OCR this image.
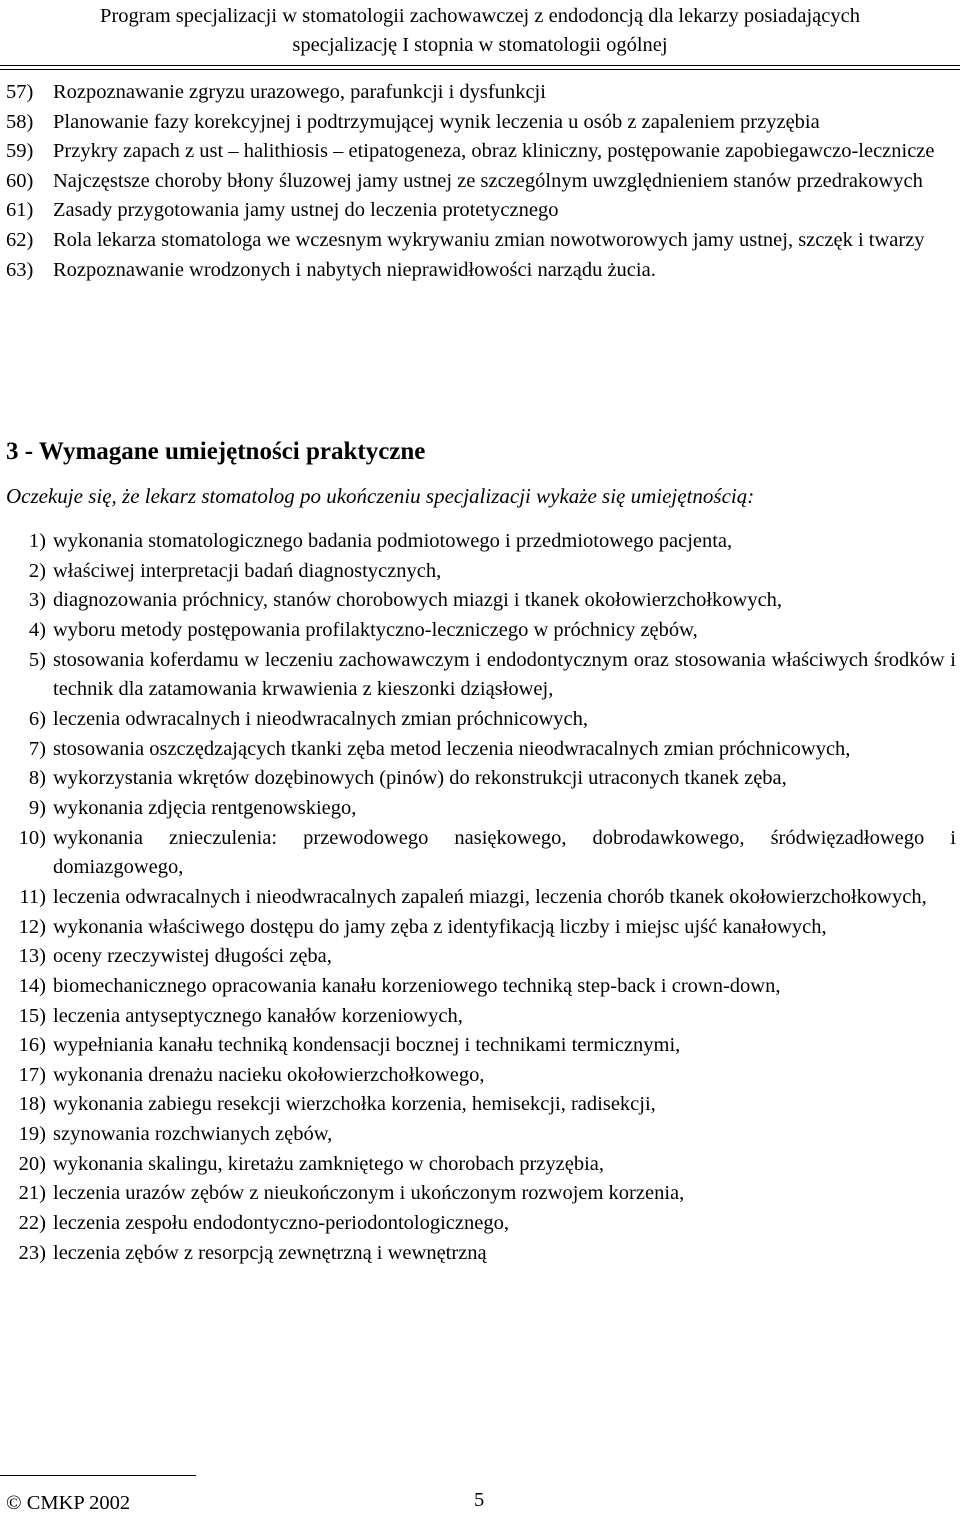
Program specjalizacji w stomatologii zachowawczej z endodoncją dla lekarzy posiadających
specjalizację I stopnia w stomatologii ogólnej
57) Rozpoznawanie zgryzu urazowego, parafunkcji i dysfunkcji
58) Planowanie fazy korekcyjnej i podtrzymującej wynik leczenia u osób z zapaleniem przyzębia
59) Przykry zapach z ust – halithiosis – etipatogeneza, obraz kliniczny, postępowanie zapobiegawczo-lecznicze
60) Najczęstsze choroby błony śluzowej jamy ustnej ze szczególnym uwzględnieniem stanów przedrakowych
61) Zasady przygotowania jamy ustnej do leczenia protetycznego
62) Rola lekarza stomatologa we wczesnym wykrywaniu zmian nowotworowych jamy ustnej, szczęk i twarzy
63) Rozpoznawanie wrodzonych i nabytych nieprawidłowości narządu żucia.
3 - Wymagane umiejętności praktyczne
Oczekuje się, że lekarz stomatolog po ukończeniu specjalizacji wykaże się umiejętnością:
1) wykonania stomatologicznego badania podmiotowego i przedmiotowego pacjenta,
2) właściwej interpretacji badań diagnostycznych,
3) diagnozowania próchnicy, stanów chorobowych miazgi i tkanek okołowierzchołkowych,
4) wyboru metody postępowania profilaktyczno-leczniczego w próchnicy zębów,
5) stosowania koferdamu w leczeniu zachowawczym i endodontycznym oraz stosowania właściwych środków i technik dla zatamowania krwawienia z kieszonki dziąsłowej,
6) leczenia odwracalnych i nieodwracalnych zmian próchnicowych,
7) stosowania oszczędzających tkanki zęba metod leczenia nieodwracalnych zmian próchnicowych,
8) wykorzystania wkrętów dozębinowych (pinów) do rekonstrukcji utraconych tkanek zęba,
9) wykonania zdjęcia rentgenowskiego,
10) wykonania znieczulenia: przewodowego nasiękowego, dobrodawkowego, śródwięzadłowego i domiazgowego,
11) leczenia odwracalnych i nieodwracalnych zapaleń miazgi, leczenia chorób tkanek okołowierzchołkowych,
12) wykonania właściwego dostępu do jamy zęba z identyfikacją liczby i miejsc ujść kanałowych,
13) oceny rzeczywistej długości zęba,
14) biomechanicznego opracowania kanału korzeniowego techniką step-back i crown-down,
15) leczenia antyseptycznego kanałów korzeniowych,
16) wypełniania kanału techniką kondensacji bocznej i technikami termicznymi,
17) wykonania drenażu nacieku okołowierzchołkowego,
18) wykonania zabiegu resekcji wierzchołka korzenia, hemisekcji, radisekcji,
19) szynowania rozchwianych zębów,
20) wykonania skalingu, kiretażu zamkniętego w chorobach przyzębia,
21) leczenia urazów zębów z nieukończonym i ukończonym rozwojem korzenia,
22) leczenia zespołu endodontyczno-periodontologicznego,
23) leczenia zębów z resorpcją zewnętrzną i wewnętrzną
© CMKP 2002	5
